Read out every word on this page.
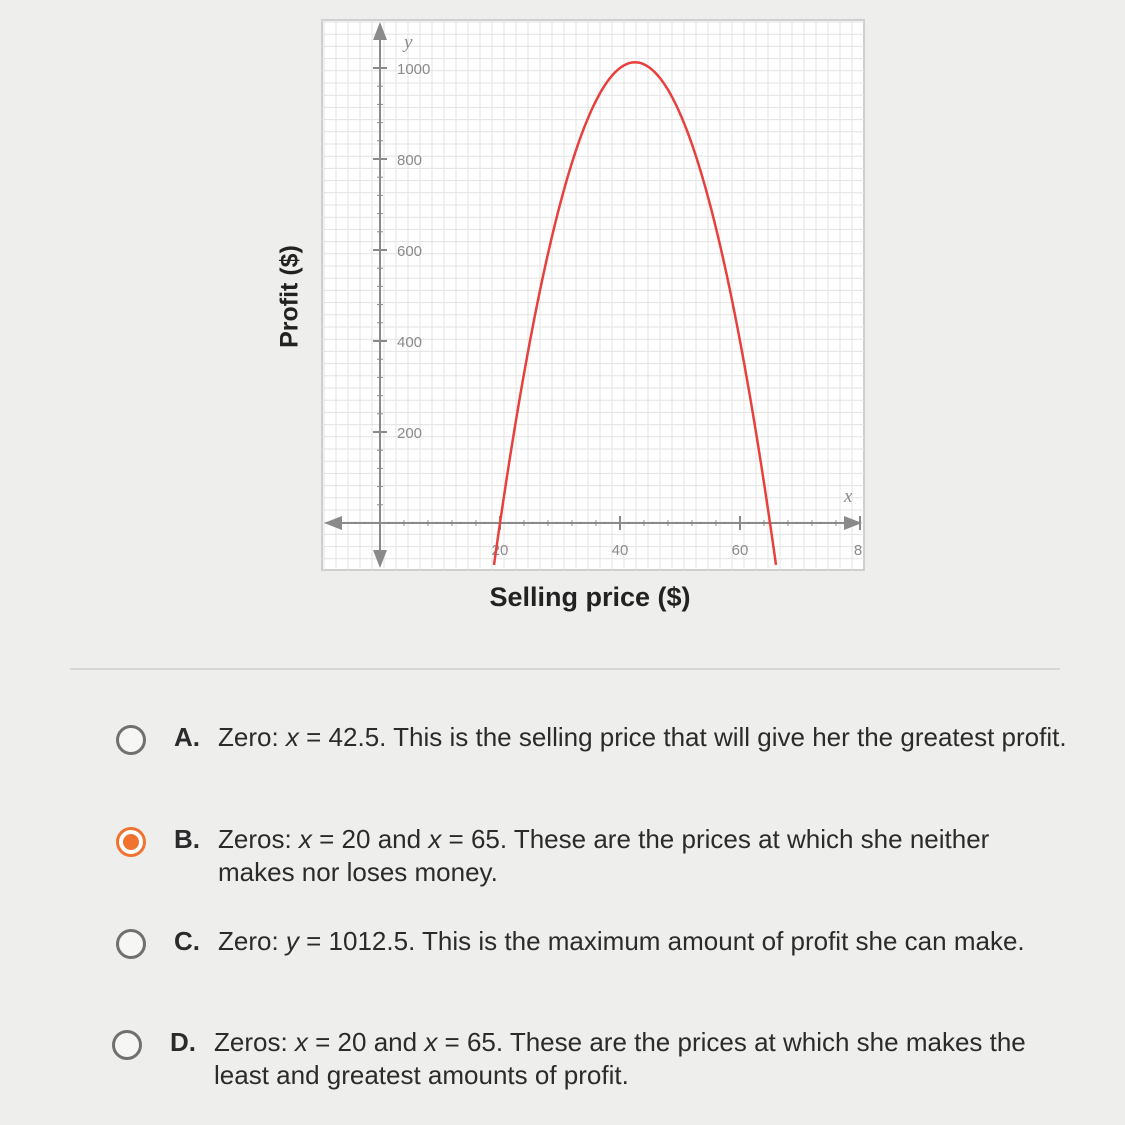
200
400
600
800
1000
20	40	60	8
y
x
Selling price ($)
Profit ($)
A. Zero: x = 42.5. This is the selling price that will give her the greatest profit.
B. Zeros: x = 20 and x = 65. These are the prices at which she neither makes nor loses money.
C. Zero: y = 1012.5. This is the maximum amount of profit she can make.
D. Zeros: x = 20 and x = 65. These are the prices at which she makes the least and greatest amounts of profit.
